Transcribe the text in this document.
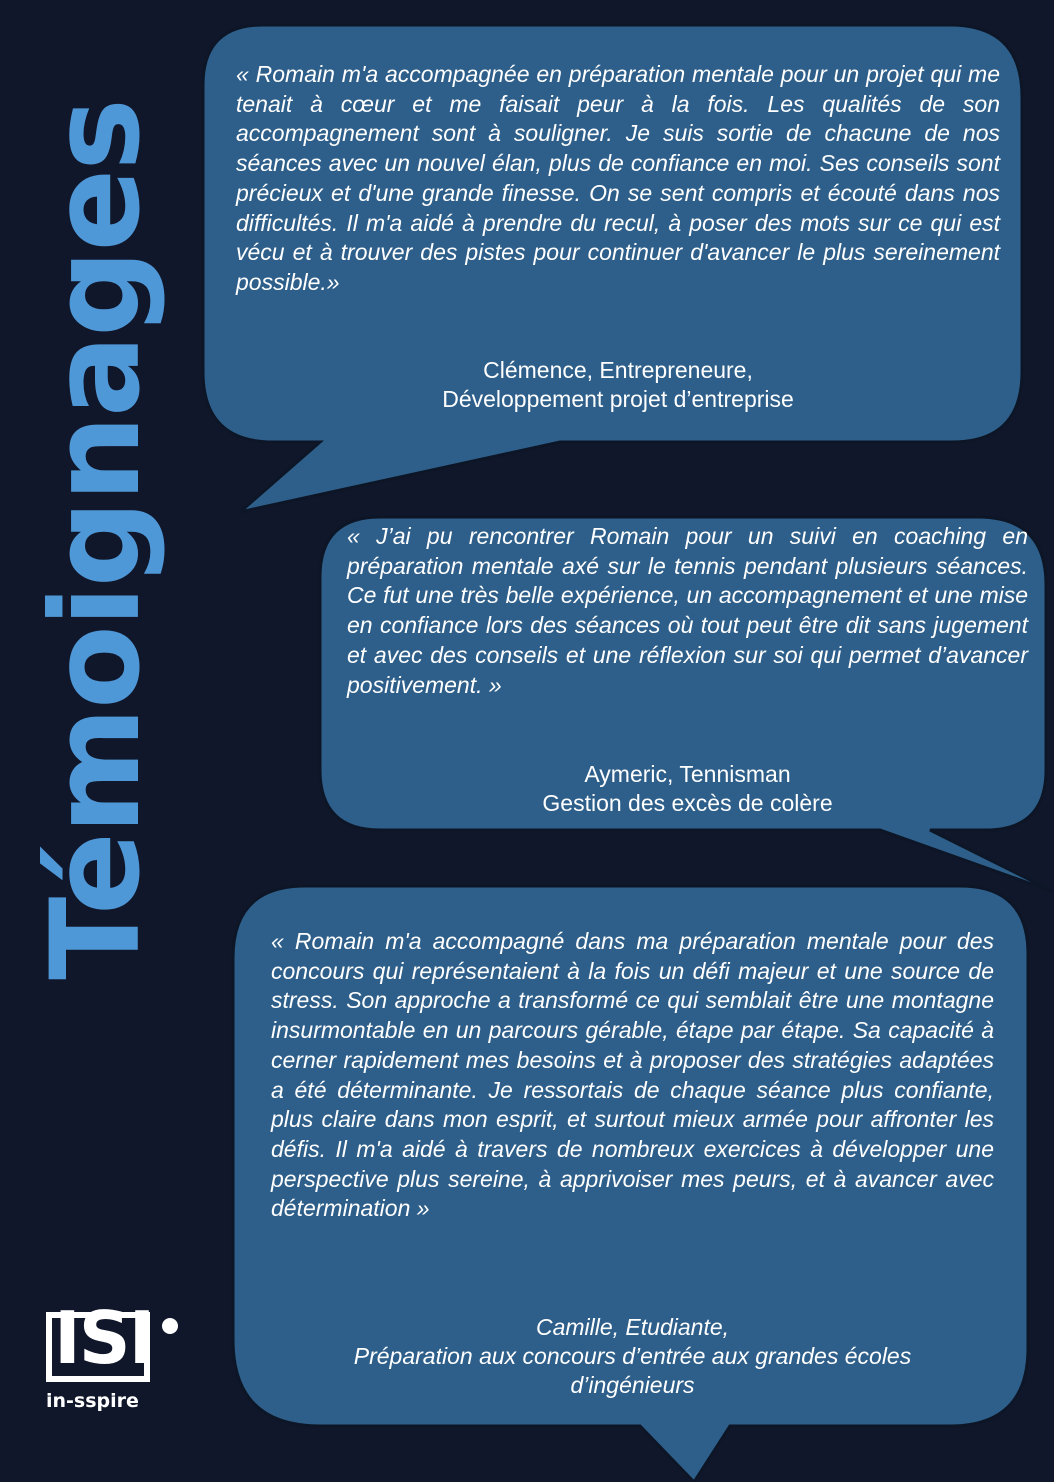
Témoignages

« Romain m'a accompagnée en préparation mentale pour un projet qui me tenait à cœur et me faisait peur à la fois. Les qualités de son accompagnement sont à souligner. Je suis sortie de chacune de nos séances avec un nouvel élan, plus de confiance en moi. Ses conseils sont précieux et d'une grande finesse. On se sent compris et écouté dans nos difficultés. Il m'a aidé à prendre du recul, à poser des mots sur ce qui est vécu et à trouver des pistes pour continuer d'avancer le plus sereinement possible.»

Clémence, Entrepreneure,
Développement projet d’entreprise

« J’ai pu rencontrer Romain pour un suivi en coaching en préparation mentale axé sur le tennis pendant plusieurs séances. Ce fut une très belle expérience, un accompagnement et une mise en confiance lors des séances où tout peut être dit sans jugement et avec des conseils et une réflexion sur soi qui permet d’avancer positivement. »

Aymeric, Tennisman
Gestion des excès de colère

« Romain m'a accompagné dans ma préparation mentale pour des concours qui représentaient à la fois un défi majeur et une source de stress. Son approche a transformé ce qui semblait être une montagne insurmontable en un parcours gérable, étape par étape. Sa capacité à cerner rapidement mes besoins et à proposer des stratégies adaptées a été déterminante. Je ressortais de chaque séance plus confiante, plus claire dans mon esprit, et surtout mieux armée pour affronter les défis. Il m'a aidé à travers de nombreux exercices à développer une perspective plus sereine, à apprivoiser mes peurs, et à avancer avec détermination »

Camille, Etudiante,
Préparation aux concours d’entrée aux grandes écoles
d’ingénieurs
ISI
in-sspire
